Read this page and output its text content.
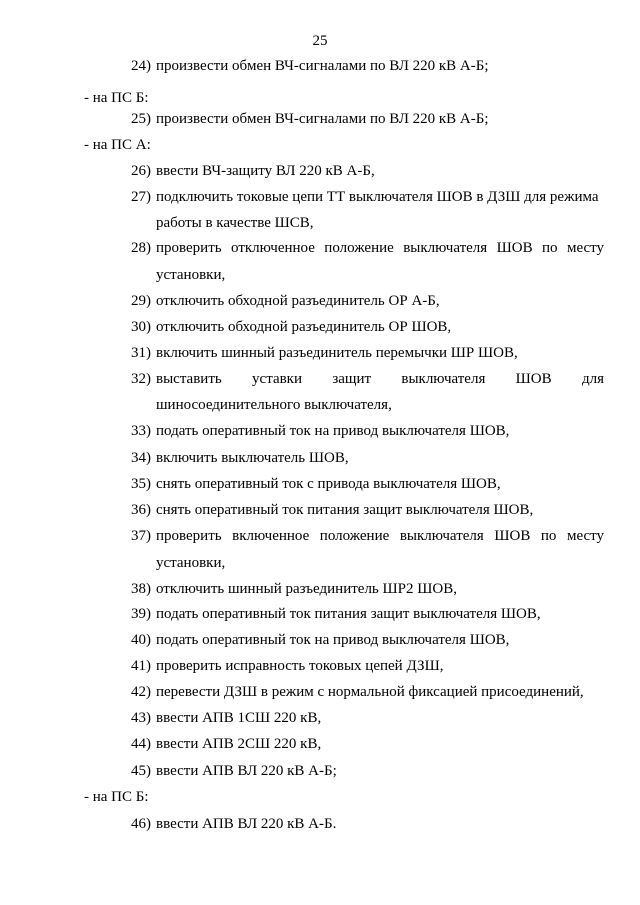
25
24) произвести обмен ВЧ-сигналами по ВЛ 220 кВ А-Б;
- на ПС Б:
25) произвести обмен ВЧ-сигналами по ВЛ 220 кВ А-Б;
- на ПС А:
26) ввести ВЧ-защиту ВЛ 220 кВ А-Б,
27) подключить токовые цепи ТТ выключателя ШОВ в ДЗШ для режима
работы в качестве ШСВ,
28) проверить отключенное положение выключателя ШОВ по месту
установки,
29) отключить обходной разъединитель ОР А-Б,
30) отключить обходной разъединитель ОР ШОВ,
31) включить шинный разъединитель перемычки ШР ШОВ,
32) выставить уставки защит выключателя ШОВ для
шиносоединительного выключателя,
33) подать оперативный ток на привод выключателя ШОВ,
34) включить выключатель ШОВ,
35) снять оперативный ток с привода выключателя ШОВ,
36) снять оперативный ток питания защит выключателя ШОВ,
37) проверить включенное положение выключателя ШОВ по месту
установки,
38) отключить шинный разъединитель ШР2 ШОВ,
39) подать оперативный ток питания защит выключателя ШОВ,
40) подать оперативный ток на привод выключателя ШОВ,
41) проверить исправность токовых цепей ДЗШ,
42) перевести ДЗШ в режим с нормальной фиксацией присоединений,
43) ввести АПВ 1СШ 220 кВ,
44) ввести АПВ 2СШ 220 кВ,
45) ввести АПВ ВЛ 220 кВ А-Б;
- на ПС Б:
46) ввести АПВ ВЛ 220 кВ А-Б.
